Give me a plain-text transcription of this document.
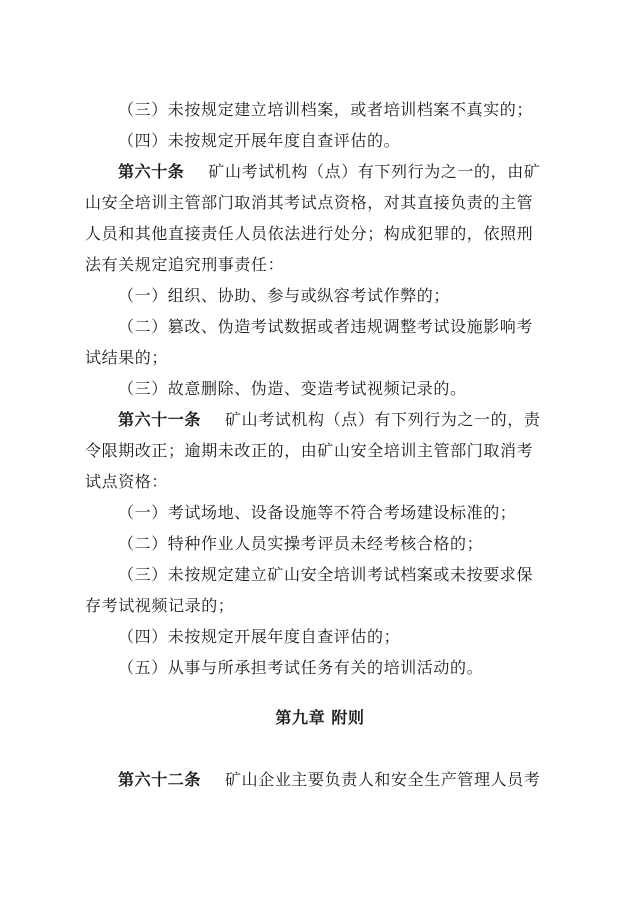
（三）未按规定建立培训档案，或者培训档案不真实的；
（四）未按规定开展年度自查评估的。
第六十条 矿山考试机构（点）有下列行为之一的，由矿
山安全培训主管部门取消其考试点资格，对其直接负责的主管
人员和其他直接责任人员依法进行处分；构成犯罪的，依照刑
法有关规定追究刑事责任：
（一）组织、协助、参与或纵容考试作弊的；
（二）篡改、伪造考试数据或者违规调整考试设施影响考
试结果的；
（三）故意删除、伪造、变造考试视频记录的。
第六十一条 矿山考试机构（点）有下列行为之一的，责
令限期改正；逾期未改正的，由矿山安全培训主管部门取消考
试点资格：
（一）考试场地、设备设施等不符合考场建设标准的；
（二）特种作业人员实操考评员未经考核合格的；
（三）未按规定建立矿山安全培训考试档案或未按要求保
存考试视频记录的；
（四）未按规定开展年度自查评估的；
（五）从事与所承担考试任务有关的培训活动的。
第九章 附则
第六十二条 矿山企业主要负责人和安全生产管理人员考
